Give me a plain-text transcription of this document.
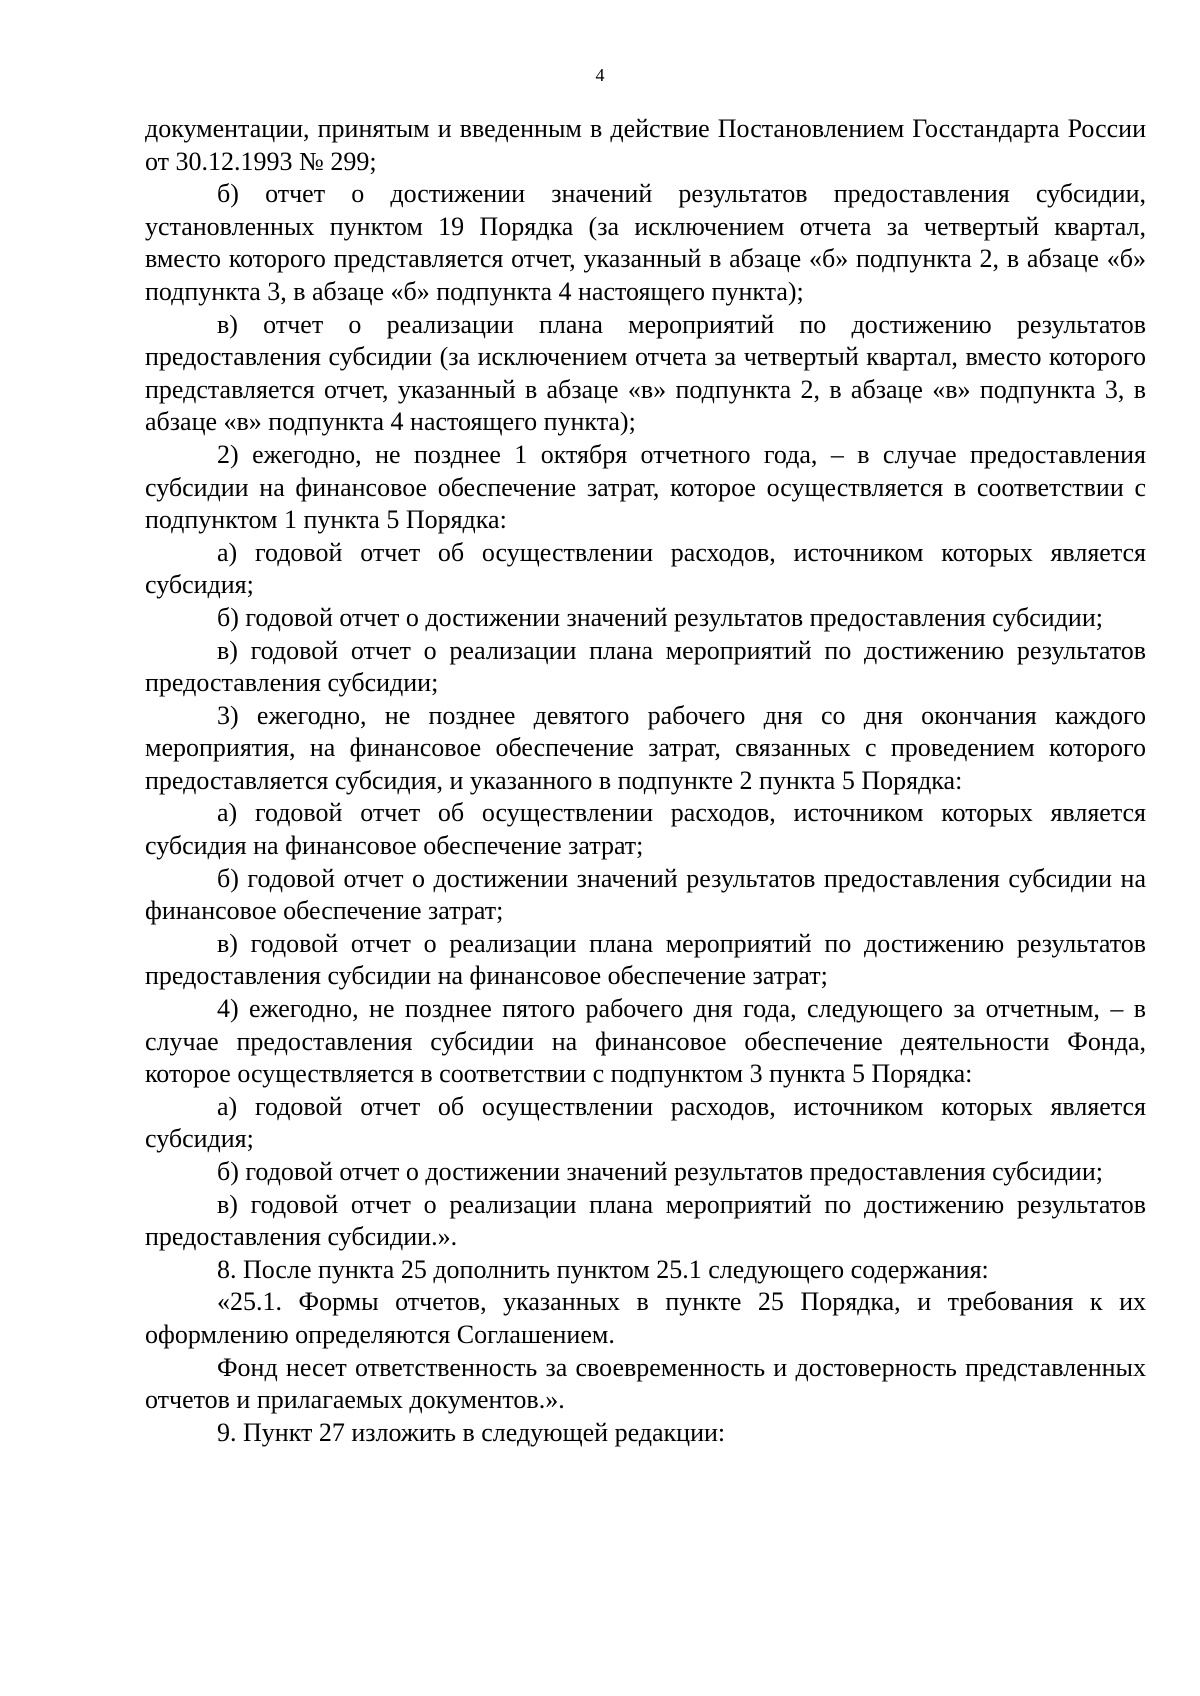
4

документации, принятым и введенным в действие Постановлением Госстандарта России от 30.12.1993 № 299;

б) отчет о достижении значений результатов предоставления субсидии, установленных пунктом 19 Порядка (за исключением отчета за четвертый квартал, вместо которого представляется отчет, указанный в абзаце «б» подпункта 2, в абзаце «б» подпункта 3, в абзаце «б» подпункта 4 настоящего пункта);

в) отчет о реализации плана мероприятий по достижению результатов предоставления субсидии (за исключением отчета за четвертый квартал, вместо которого представляется отчет, указанный в абзаце «в» подпункта 2, в абзаце «в» подпункта 3, в абзаце «в» подпункта 4 настоящего пункта);

2) ежегодно, не позднее 1 октября отчетного года, – в случае предоставления субсидии на финансовое обеспечение затрат, которое осуществляется в соответствии с подпунктом 1 пункта 5 Порядка:

а) годовой отчет об осуществлении расходов, источником которых является субсидия;

б) годовой отчет о достижении значений результатов предоставления субсидии;

в) годовой отчет о реализации плана мероприятий по достижению результатов предоставления субсидии;

3) ежегодно, не позднее девятого рабочего дня со дня окончания каждого мероприятия, на финансовое обеспечение затрат, связанных с проведением которого предоставляется субсидия, и указанного в подпункте 2 пункта 5 Порядка:

а) годовой отчет об осуществлении расходов, источником которых является субсидия на финансовое обеспечение затрат;

б) годовой отчет о достижении значений результатов предоставления субсидии на финансовое обеспечение затрат;

в) годовой отчет о реализации плана мероприятий по достижению результатов предоставления субсидии на финансовое обеспечение затрат;

4) ежегодно, не позднее пятого рабочего дня года, следующего за отчетным, – в случае предоставления субсидии на финансовое обеспечение деятельности Фонда, которое осуществляется в соответствии с подпунктом 3 пункта 5 Порядка:

а) годовой отчет об осуществлении расходов, источником которых является субсидия;

б) годовой отчет о достижении значений результатов предоставления субсидии;

в) годовой отчет о реализации плана мероприятий по достижению результатов предоставления субсидии.».

8. После пункта 25 дополнить пунктом 25.1 следующего содержания:

«25.1. Формы отчетов, указанных в пункте 25 Порядка, и требования к их оформлению определяются Соглашением.

Фонд несет ответственность за своевременность и достоверность представленных отчетов и прилагаемых документов.».

9. Пункт 27 изложить в следующей редакции:
